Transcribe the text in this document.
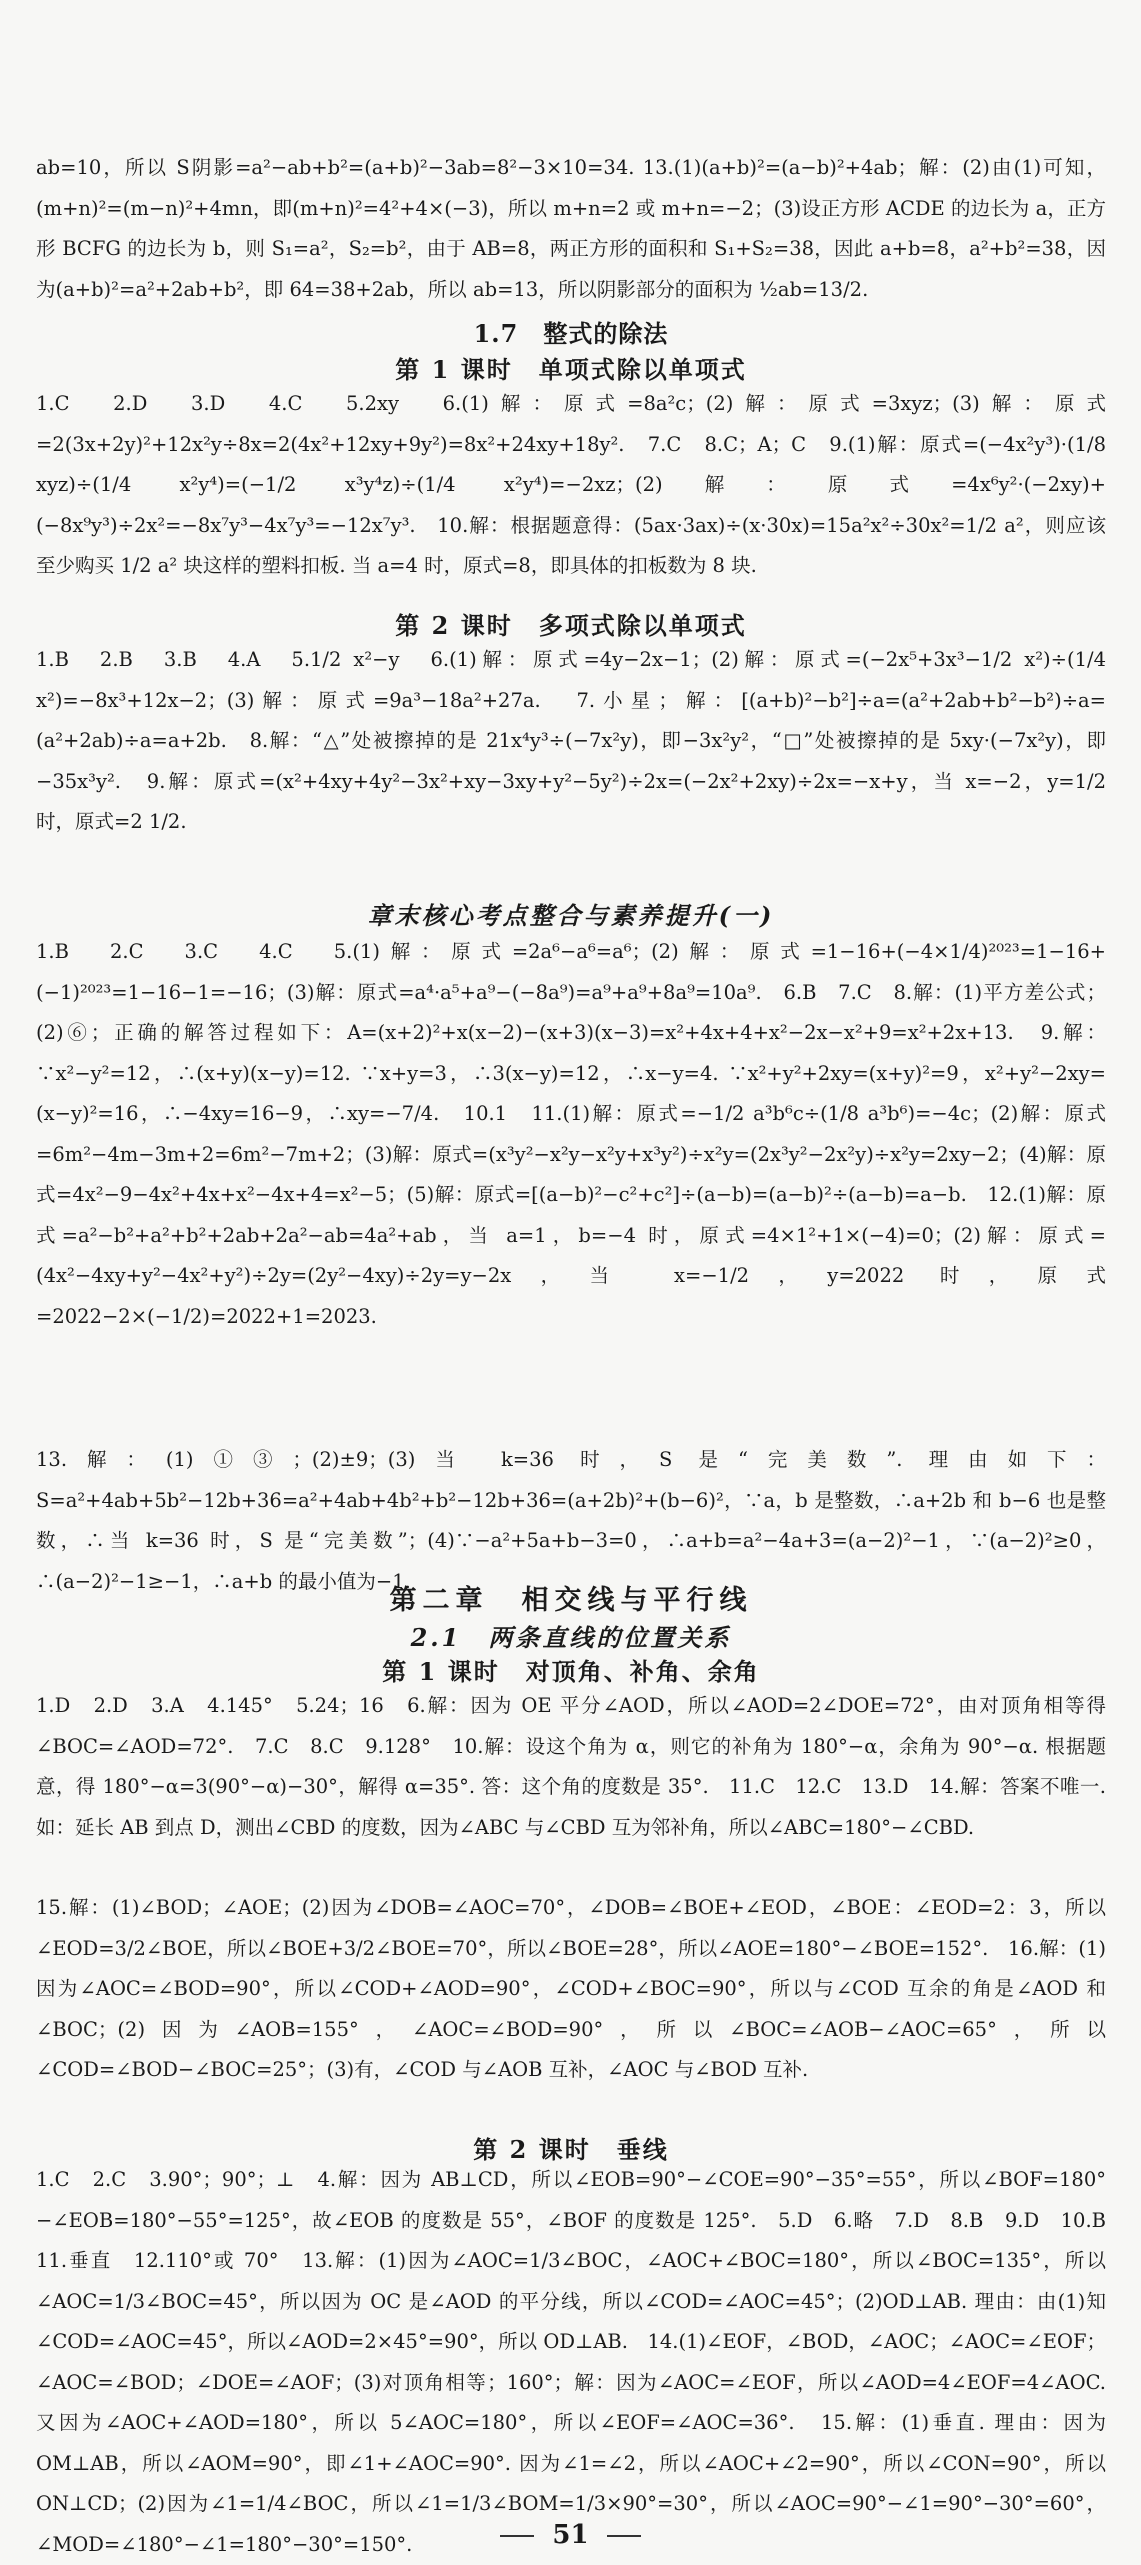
ab=10，所以 S阴影=a²−ab+b²=(a+b)²−3ab=8²−3×10=34. 13.(1)(a+b)²=(a−b)²+4ab；解：(2)由(1)可知，(m+n)²=(m−n)²+4mn，即(m+n)²=4²+4×(−3)，所以 m+n=2 或 m+n=−2；(3)设正方形 ACDE 的边长为 a，正方形 BCFG 的边长为 b，则 S₁=a²，S₂=b²，由于 AB=8，两正方形的面积和 S₁+S₂=38，因此 a+b=8，a²+b²=38，因为(a+b)²=a²+2ab+b²，即 64=38+2ab，所以 ab=13，所以阴影部分的面积为 ½ab=13/2.

1.7　整式的除法
第 1 课时　单项式除以单项式

1.C　2.D　3.D　4.C　5.2xy　6.(1)解：原式=8a²c；(2)解：原式=3xyz；(3)解：原式=2(3x+2y)²+12x²y÷8x=2(4x²+12xy+9y²)=8x²+24xy+18y².　7.C　8.C；A；C　9.(1)解：原式=(−4x²y³)·(1/8 xyz)÷(1/4 x²y⁴)=(−1/2 x³y⁴z)÷(1/4 x²y⁴)=−2xz；(2)解：原式=4x⁶y²·(−2xy)+(−8x⁹y³)÷2x²=−8x⁷y³−4x⁷y³=−12x⁷y³.　10.解：根据题意得：(5ax·3ax)÷(x·30x)=15a²x²÷30x²=1/2 a²，则应该至少购买 1/2 a² 块这样的塑料扣板. 当 a=4 时，原式=8，即具体的扣板数为 8 块.

第 2 课时　多项式除以单项式

1.B　2.B　3.B　4.A　5.1/2 x²−y　6.(1)解：原式=4y−2x−1；(2)解：原式=(−2x⁵+3x³−1/2 x²)÷(1/4 x²)=−8x³+12x−2；(3)解：原式=9a³−18a²+27a.　7.小星；解：[(a+b)²−b²]÷a=(a²+2ab+b²−b²)÷a=(a²+2ab)÷a=a+2b.　8.解：“△”处被擦掉的是 21x⁴y³÷(−7x²y)，即−3x²y²，“□”处被擦掉的是 5xy·(−7x²y)，即−35x³y².　9.解：原式=(x²+4xy+4y²−3x²+xy−3xy+y²−5y²)÷2x=(−2x²+2xy)÷2x=−x+y，当 x=−2，y=1/2 时，原式=2 1/2.

章末核心考点整合与素养提升(一)

1.B　2.C　3.C　4.C　5.(1)解：原式=2a⁶−a⁶=a⁶；(2)解：原式=1−16+(−4×1/4)²⁰²³=1−16+(−1)²⁰²³=1−16−1=−16；(3)解：原式=a⁴·a⁵+a⁹−(−8a⁹)=a⁹+a⁹+8a⁹=10a⁹.　6.B　7.C　8.解：(1)平方差公式；(2)⑥；正确的解答过程如下：A=(x+2)²+x(x−2)−(x+3)(x−3)=x²+4x+4+x²−2x−x²+9=x²+2x+13.　9.解：∵x²−y²=12，∴(x+y)(x−y)=12. ∵x+y=3，∴3(x−y)=12，∴x−y=4. ∵x²+y²+2xy=(x+y)²=9，x²+y²−2xy=(x−y)²=16，∴−4xy=16−9，∴xy=−7/4.　10.1　11.(1)解：原式=−1/2 a³b⁶c÷(1/8 a³b⁶)=−4c；(2)解：原式=6m²−4m−3m+2=6m²−7m+2；(3)解：原式=(x³y²−x²y−x²y+x³y²)÷x²y=(2x³y²−2x²y)÷x²y=2xy−2；(4)解：原式=4x²−9−4x²+4x+x²−4x+4=x²−5；(5)解：原式=[(a−b)²−c²+c²]÷(a−b)=(a−b)²÷(a−b)=a−b.　12.(1)解：原式=a²−b²+a²+b²+2ab+2a²−ab=4a²+ab，当 a=1，b=−4 时，原式=4×1²+1×(−4)=0；(2)解：原式=(4x²−4xy+y²−4x²+y²)÷2y=(2y²−4xy)÷2y=y−2x，当 x=−1/2，y=2022 时，原式=2022−2×(−1/2)=2022+1=2023.

13.解：(1)①③；(2)±9；(3)当 k=36 时，S 是“完美数”. 理由如下：S=a²+4ab+5b²−12b+36=a²+4ab+4b²+b²−12b+36=(a+2b)²+(b−6)²，∵a，b 是整数，∴a+2b 和 b−6 也是整数，∴当 k=36 时，S 是“完美数”；(4)∵−a²+5a+b−3=0，∴a+b=a²−4a+3=(a−2)²−1，∵(a−2)²≥0，∴(a−2)²−1≥−1，∴a+b 的最小值为−1.

第二章　相交线与平行线
2.1　两条直线的位置关系
第 1 课时　对顶角、补角、余角

1.D　2.D　3.A　4.145°　5.24；16　6.解：因为 OE 平分∠AOD，所以∠AOD=2∠DOE=72°，由对顶角相等得∠BOC=∠AOD=72°.　7.C　8.C　9.128°　10.解：设这个角为 α，则它的补角为 180°−α，余角为 90°−α. 根据题意，得 180°−α=3(90°−α)−30°，解得 α=35°. 答：这个角的度数是 35°.　11.C　12.C　13.D　14.解：答案不唯一. 如：延长 AB 到点 D，测出∠CBD 的度数，因为∠ABC 与∠CBD 互为邻补角，所以∠ABC=180°−∠CBD.

15.解：(1)∠BOD；∠AOE；(2)因为∠DOB=∠AOC=70°，∠DOB=∠BOE+∠EOD，∠BOE：∠EOD=2：3，所以∠EOD=3/2∠BOE，所以∠BOE+3/2∠BOE=70°，所以∠BOE=28°，所以∠AOE=180°−∠BOE=152°.　16.解：(1)因为∠AOC=∠BOD=90°，所以∠COD+∠AOD=90°，∠COD+∠BOC=90°，所以与∠COD 互余的角是∠AOD 和∠BOC；(2)因为∠AOB=155°，∠AOC=∠BOD=90°，所以∠BOC=∠AOB−∠AOC=65°，所以∠COD=∠BOD−∠BOC=25°；(3)有，∠COD 与∠AOB 互补，∠AOC 与∠BOD 互补.

第 2 课时　垂线

1.C　2.C　3.90°；90°；⊥　4.解：因为 AB⊥CD，所以∠EOB=90°−∠COE=90°−35°=55°，所以∠BOF=180°−∠EOB=180°−55°=125°，故∠EOB 的度数是 55°，∠BOF 的度数是 125°.　5.D　6.略　7.D　8.B　9.D　10.B　11.垂直　12.110°或 70°　13.解：(1)因为∠AOC=1/3∠BOC，∠AOC+∠BOC=180°，所以∠BOC=135°，所以∠AOC=1/3∠BOC=45°，所以因为 OC 是∠AOD 的平分线，所以∠COD=∠AOC=45°；(2)OD⊥AB. 理由：由(1)知∠COD=∠AOC=45°，所以∠AOD=2×45°=90°，所以 OD⊥AB.　14.(1)∠EOF，∠BOD，∠AOC；∠AOC=∠EOF；∠AOC=∠BOD；∠DOE=∠AOF；(3)对顶角相等；160°；解：因为∠AOC=∠EOF，所以∠AOD=4∠EOF=4∠AOC. 又因为∠AOC+∠AOD=180°，所以 5∠AOC=180°，所以∠EOF=∠AOC=36°.　15.解：(1)垂直. 理由：因为 OM⊥AB，所以∠AOM=90°，即∠1+∠AOC=90°. 因为∠1=∠2，所以∠AOC+∠2=90°，所以∠CON=90°，所以 ON⊥CD；(2)因为∠1=1/4∠BOC，所以∠1=1/3∠BOM=1/3×90°=30°，所以∠AOC=90°−∠1=90°−30°=60°，∠MOD=∠180°−∠1=180°−30°=150°.	51
